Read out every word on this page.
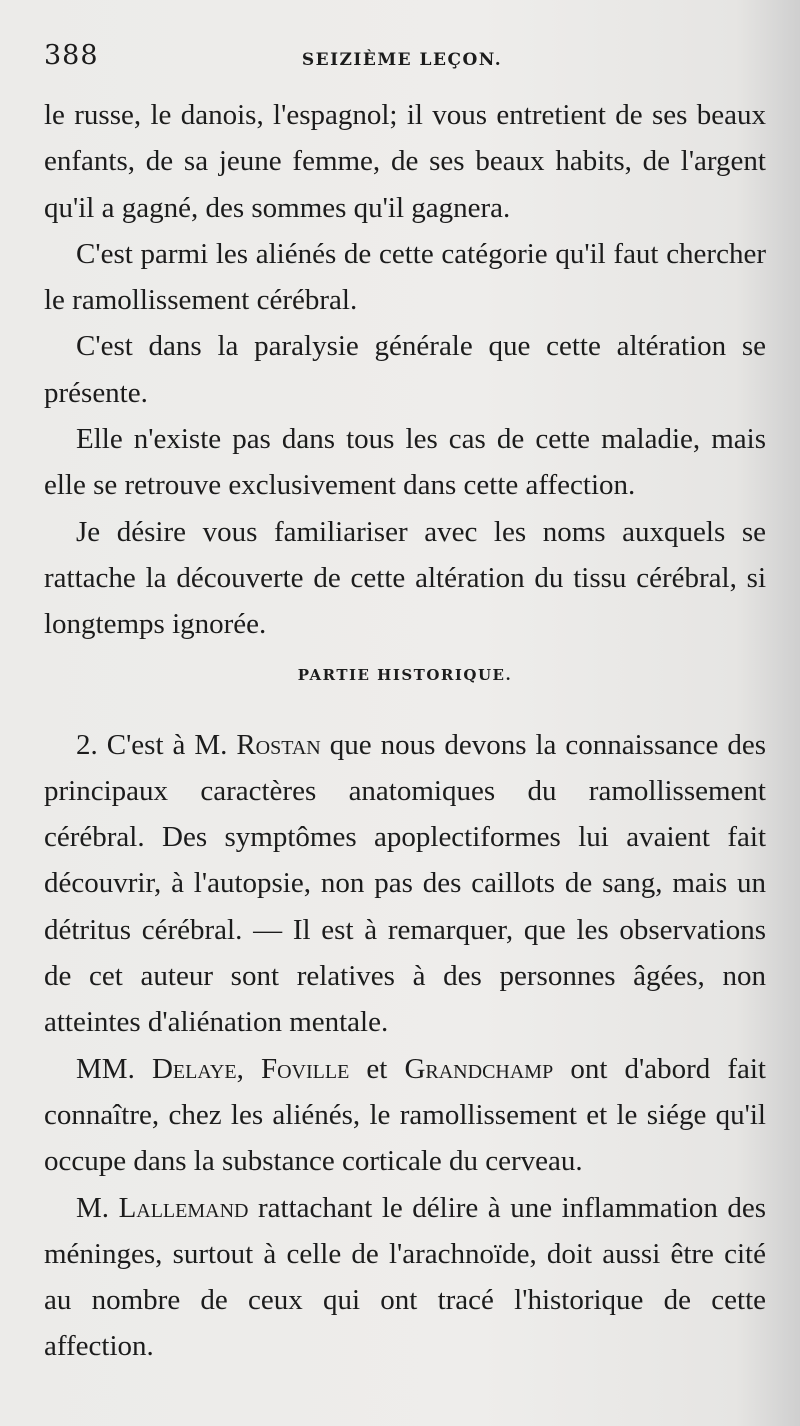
388	SEIZIÈME LEÇON.

le russe, le danois, l'espagnol; il vous entretient de ses beaux enfants, de sa jeune femme, de ses beaux habits, de l'argent qu'il a gagné, des sommes qu'il gagnera.

C'est parmi les aliénés de cette catégorie qu'il faut chercher le ramollissement cérébral.

C'est dans la paralysie générale que cette altération se présente.

Elle n'existe pas dans tous les cas de cette maladie, mais elle se retrouve exclusivement dans cette affection.

Je désire vous familiariser avec les noms auxquels se rattache la découverte de cette altération du tissu cérébral, si longtemps ignorée.

PARTIE HISTORIQUE.

2. C'est à M. Rostan que nous devons la connaissance des principaux caractères anatomiques du ramollissement cérébral. Des symptômes apoplectiformes lui avaient fait découvrir, à l'autopsie, non pas des caillots de sang, mais un détritus cérébral. — Il est à remarquer, que les observations de cet auteur sont relatives à des personnes âgées, non atteintes d'aliénation mentale.

MM. Delaye, Foville et Grandchamp ont d'abord fait connaître, chez les aliénés, le ramollissement et le siége qu'il occupe dans la substance corticale du cerveau.

M. Lallemand rattachant le délire à une inflammation des méninges, surtout à celle de l'arachnoïde, doit aussi être cité au nombre de ceux qui ont tracé l'historique de cette affection.
